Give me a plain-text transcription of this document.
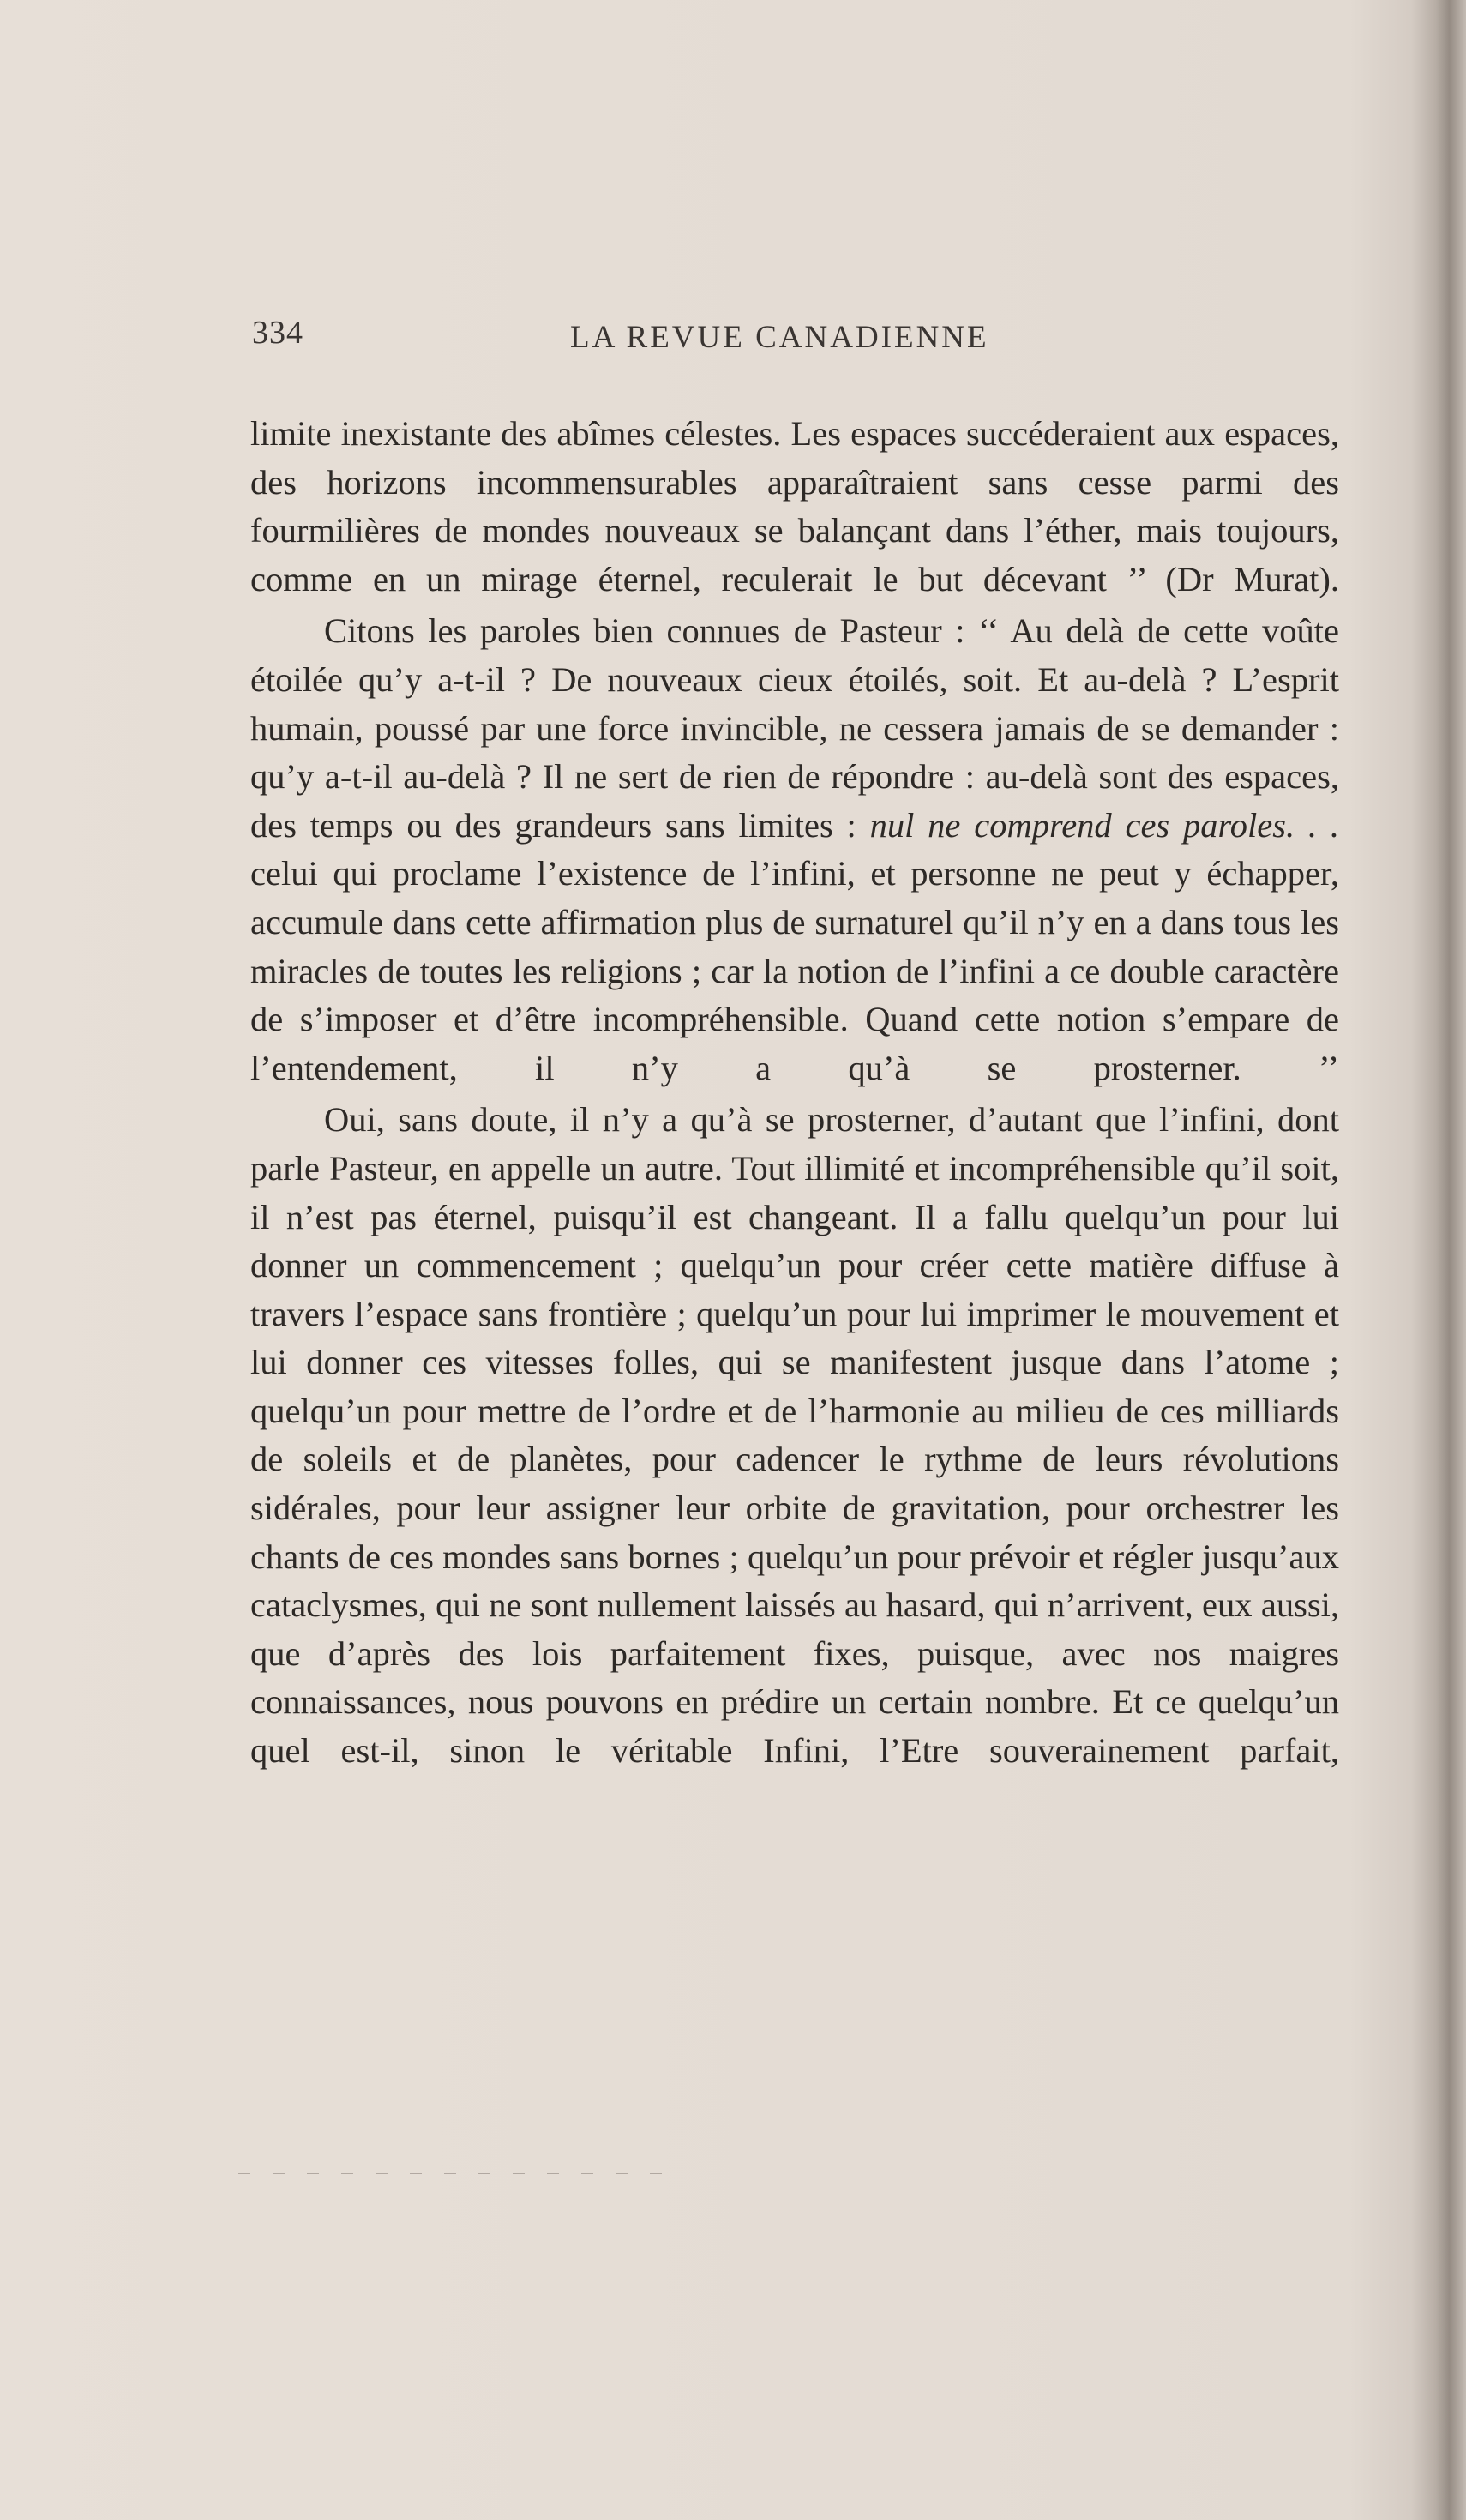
334	LA REVUE CANADIENNE

limite inexistante des abîmes célestes. Les espaces succéderaient aux espaces, des horizons incommensurables apparaîtraient sans cesse parmi des fourmilières de mondes nouveaux se balançant dans l’éther, mais toujours, comme en un mirage éternel, reculerait le but décevant ’’ (Dr Murat).

Citons les paroles bien connues de Pasteur : ‘‘ Au delà de cette voûte étoilée qu’y a-t-il ? De nouveaux cieux étoilés, soit. Et au-delà ? L’esprit humain, poussé par une force invincible, ne cessera jamais de se demander : qu’y a-t-il au-delà ? Il ne sert de rien de répondre : au-delà sont des espaces, des temps ou des grandeurs sans limites : nul ne comprend ces paroles. . . celui qui proclame l’existence de l’infini, et personne ne peut y échapper, accumule dans cette affirmation plus de surnaturel qu’il n’y en a dans tous les miracles de toutes les religions ; car la notion de l’infini a ce double caractère de s’imposer et d’être incompréhensible. Quand cette notion s’empare de l’entendement, il n’y a qu’à se prosterner. ’’

Oui, sans doute, il n’y a qu’à se prosterner, d’autant que l’infini, dont parle Pasteur, en appelle un autre. Tout illimité et incompréhensible qu’il soit, il n’est pas éternel, puisqu’il est changeant. Il a fallu quelqu’un pour lui donner un commencement ; quelqu’un pour créer cette matière diffuse à travers l’espace sans frontière ; quelqu’un pour lui imprimer le mouvement et lui donner ces vitesses folles, qui se manifestent jusque dans l’atome ; quelqu’un pour mettre de l’ordre et de l’harmonie au milieu de ces milliards de soleils et de planètes, pour cadencer le rythme de leurs révolutions sidérales, pour leur assigner leur orbite de gravitation, pour orchestrer les chants de ces mondes sans bornes ; quelqu’un pour prévoir et régler jusqu’aux cataclysmes, qui ne sont nullement laissés au hasard, qui n’arrivent, eux aussi, que d’après des lois parfaitement fixes, puisque, avec nos maigres connaissances, nous pouvons en prédire un certain nombre. Et ce quelqu’un quel est-il, sinon le véritable Infini, l’Etre souverainement parfait,
